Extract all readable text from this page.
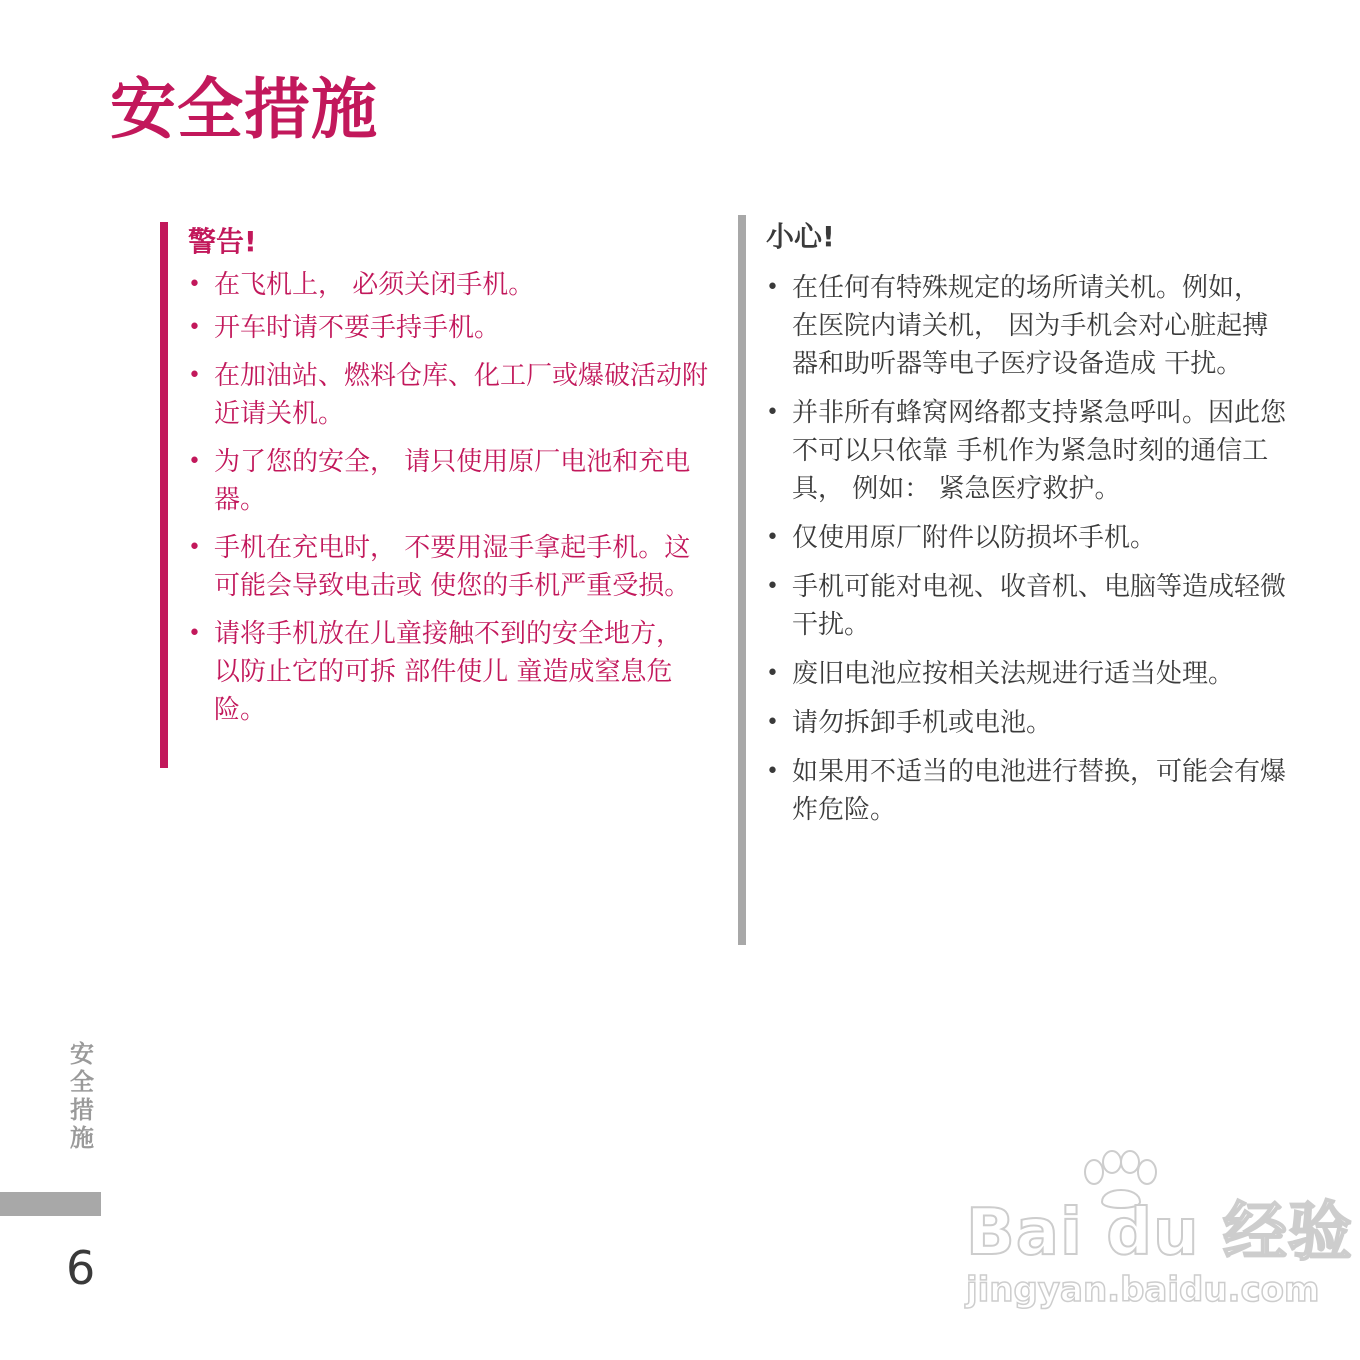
安全措施
警告!
• 在飞机上， 必须关闭手机。
• 开车时请不要手持手机。
• 在加油站、燃料仓库、化工厂或爆破活动附近请关机。
• 为了您的安全， 请只使用原厂电池和充电器。
• 手机在充电时， 不要用湿手拿起手机。这可能会导致电击或 使您的手机严重受损。
• 请将手机放在儿童接触不到的安全地方， 以防止它的可拆 部件使儿 童造成窒息危险。
小心!
• 在任何有特殊规定的场所请关机。例如， 在医院内请关机， 因为手机会对心脏起搏器和助听器等电子医疗设备造成 干扰。
• 并非所有蜂窝网络都支持紧急呼叫。因此您不可以只依靠 手机作为紧急时刻的通信工具， 例如： 紧急医疗救护。
• 仅使用原厂附件以防损坏手机。
• 手机可能对电视、收音机、电脑等造成轻微干扰。
• 废旧电池应按相关法规进行适当处理。
• 请勿拆卸手机或电池。
• 如果用不适当的电池进行替换，可能会有爆炸危险。
安全措施
6	Bai du 经验
jingyan.baidu.com
